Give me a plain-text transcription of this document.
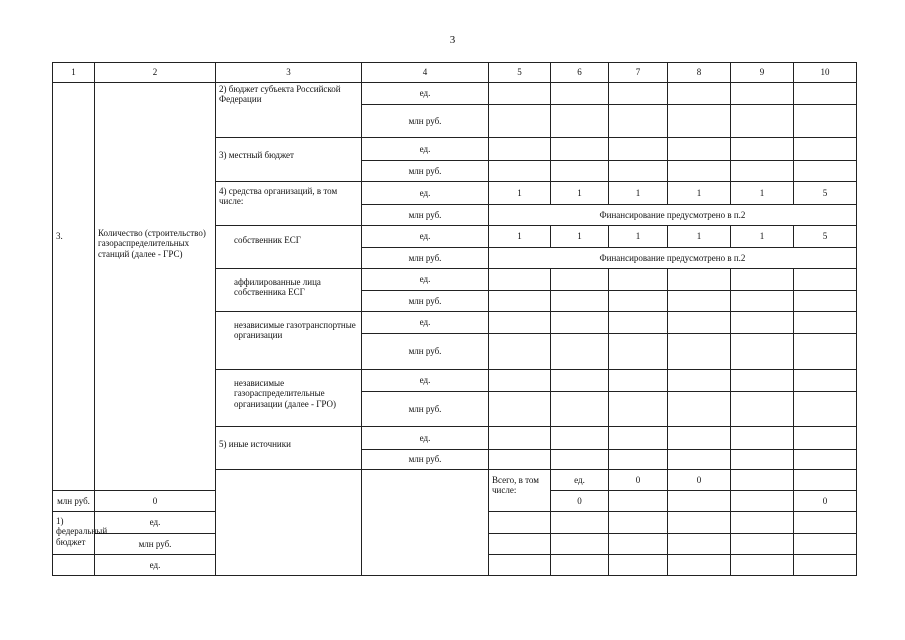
3
1	2	3	4	5	6	7	8	9	10	
3.	Количество (строительство) газораспределительных станций (далее - ГРС)	2) бюджет субъекта Российской Федерации	ед.							
			млн руб.							
		3) местный бюджет	ед.							
			млн руб.							
		4) средства организаций, в том числе:	ед.	1	1	1	1	1	5	
			млн руб.	Финансирование предусмотрено в п.2						
		собственник ЕСГ	ед.	1	1	1	1	1	5	
			млн руб.	Финансирование предусмотрено в п.2						
		аффилированные лица собственника ЕСГ	ед.							
			млн руб.							
		независимые газотранспортные организации	ед.							
			млн руб.							
		независимые газораспределительные организации (далее - ГРО)	ед.							
			млн руб.							
		5) иные источники	ед.							
			млн руб.							
				Всего, в том числе:	ед.	0	0				
млн руб.	0				0				0	
1) федеральный бюджет	ед.									
	млн руб.									
	ед.									
